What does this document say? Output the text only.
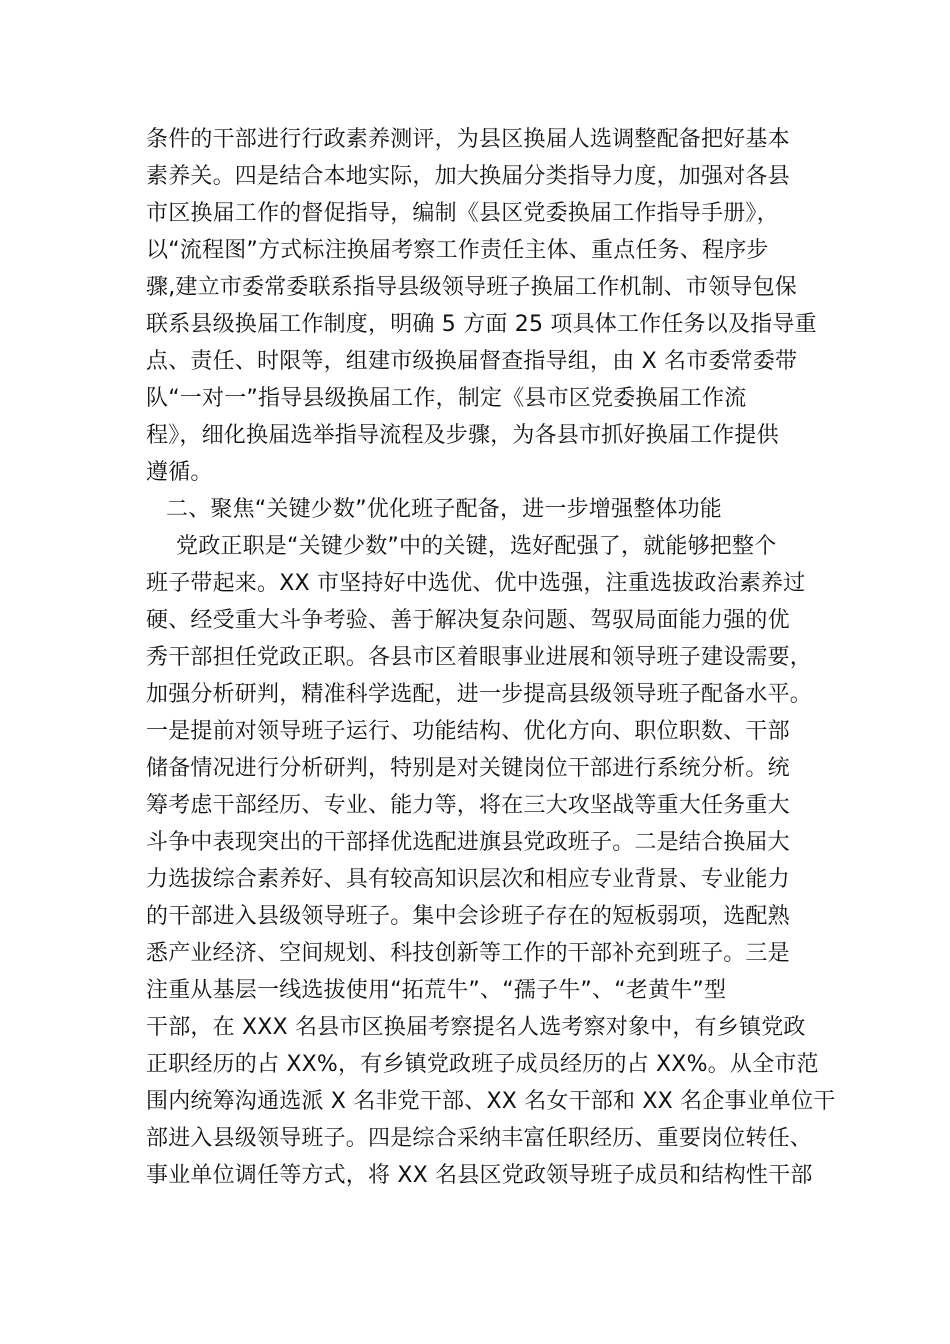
条件的干部进行行政素养测评，为县区换届人选调整配备把好基本
素养关。四是结合本地实际，加大换届分类指导力度，加强对各县
市区换届工作的督促指导，编制《县区党委换届工作指导手册》，
以“流程图”方式标注换届考察工作责任主体、重点任务、程序步
骤,建立市委常委联系指导县级领导班子换届工作机制、市领导包保
联系县级换届工作制度，明确 5 方面 25 项具体工作任务以及指导重
点、责任、时限等，组建市级换届督查指导组，由 X 名市委常委带
队“一对一”指导县级换届工作，制定《县市区党委换届工作流
程》，细化换届选举指导流程及步骤，为各县市抓好换届工作提供
遵循。
二、聚焦“关键少数”优化班子配备，进一步增强整体功能
党政正职是“关键少数”中的关键，选好配强了，就能够把整个
班子带起来。XX 市坚持好中选优、优中选强，注重选拔政治素养过
硬、经受重大斗争考验、善于解决复杂问题、驾驭局面能力强的优
秀干部担任党政正职。各县市区着眼事业进展和领导班子建设需要，
加强分析研判，精准科学选配，进一步提高县级领导班子配备水平。
一是提前对领导班子运行、功能结构、优化方向、职位职数、干部
储备情况进行分析研判，特别是对关键岗位干部进行系统分析。统
筹考虑干部经历、专业、能力等，将在三大攻坚战等重大任务重大
斗争中表现突出的干部择优选配进旗县党政班子。二是结合换届大
力选拔综合素养好、具有较高知识层次和相应专业背景、专业能力
的干部进入县级领导班子。集中会诊班子存在的短板弱项，选配熟
悉产业经济、空间规划、科技创新等工作的干部补充到班子。三是
注重从基层一线选拔使用“拓荒牛”、“孺子牛”、“老黄牛”型
干部，在 XXX 名县市区换届考察提名人选考察对象中，有乡镇党政
正职经历的占 XX%，有乡镇党政班子成员经历的占 XX%。从全市范
围内统筹沟通选派 X 名非党干部、XX 名女干部和 XX 名企事业单位干
部进入县级领导班子。四是综合采纳丰富任职经历、重要岗位转任、
事业单位调任等方式，将 XX 名县区党政领导班子成员和结构性干部
